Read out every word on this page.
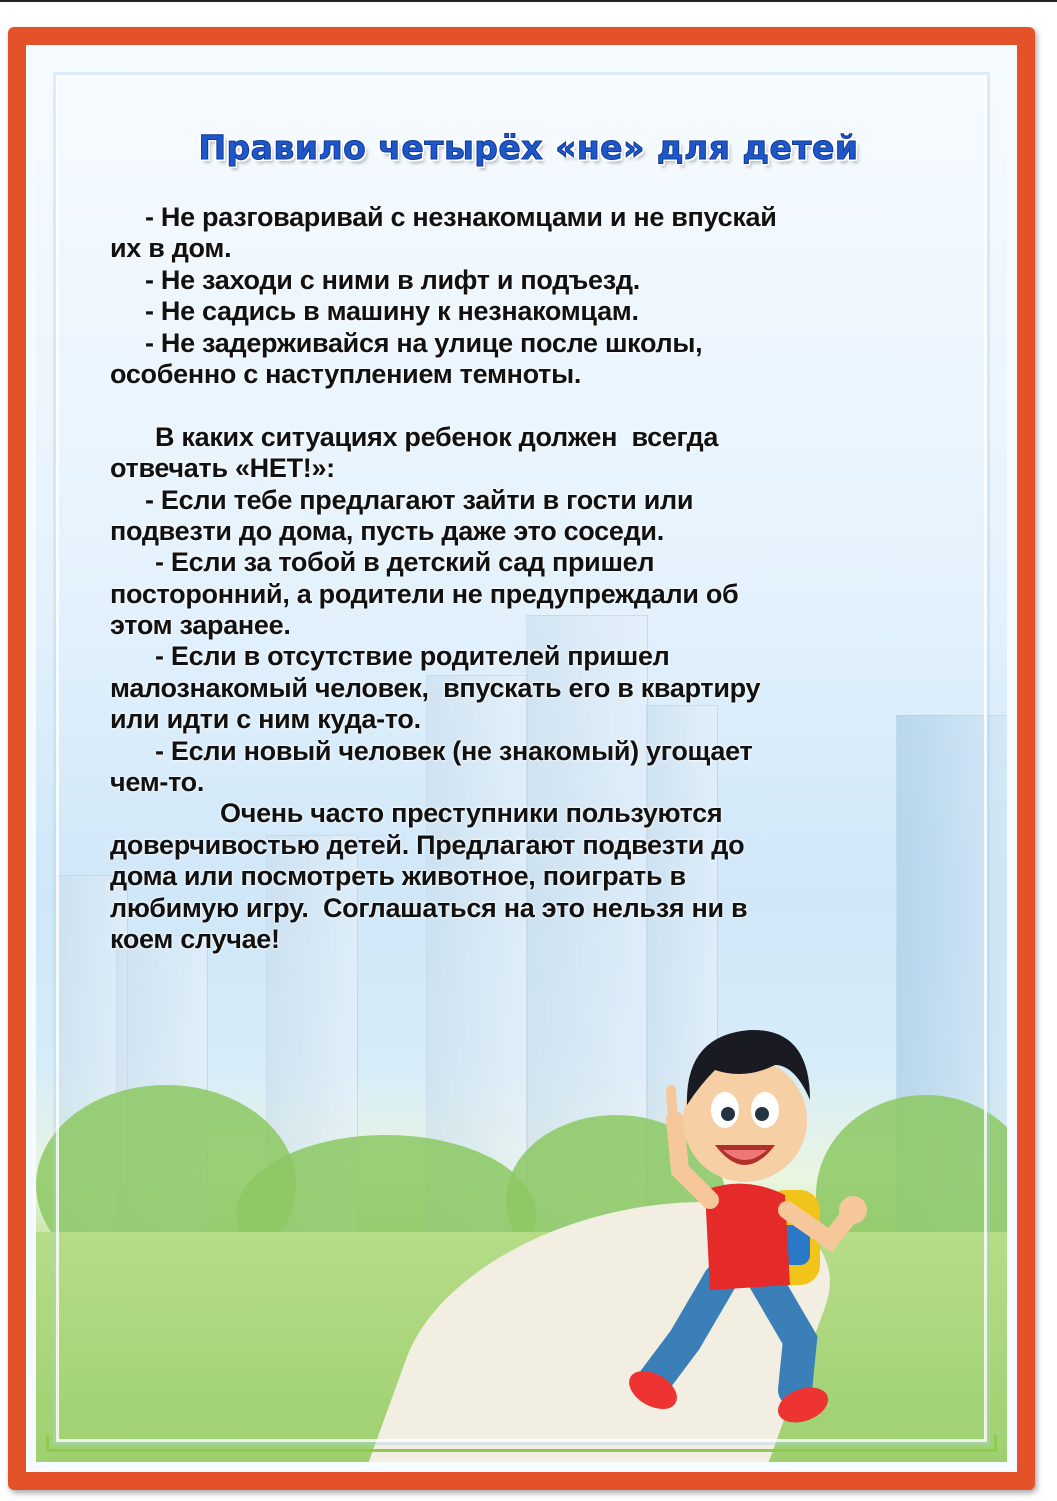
Правило четырёх «не» для детей
- Не разговаривай с незнакомцами и не впускай
их в дом.
- Не заходи с ними в лифт и подъезд.
- Не садись в машину к незнакомцам.
- Не задерживайся на улице после школы,
особенно с наступлением темноты.
В каких ситуациях ребенок должен  всегда
отвечать «НЕТ!»:
- Если тебе предлагают зайти в гости или
подвезти до дома, пусть даже это соседи.
- Если за тобой в детский сад пришел
посторонний, а родители не предупреждали об
этом заранее.
- Если в отсутствие родителей пришел
малознакомый человек,  впускать его в квартиру
или идти с ним куда-то.
- Если новый человек (не знакомый) угощает
чем-то.
Очень часто преступники пользуются
доверчивостью детей. Предлагают подвезти до
дома или посмотреть животное, поиграть в
любимую игру.  Соглашаться на это нельзя ни в
коем случае!
